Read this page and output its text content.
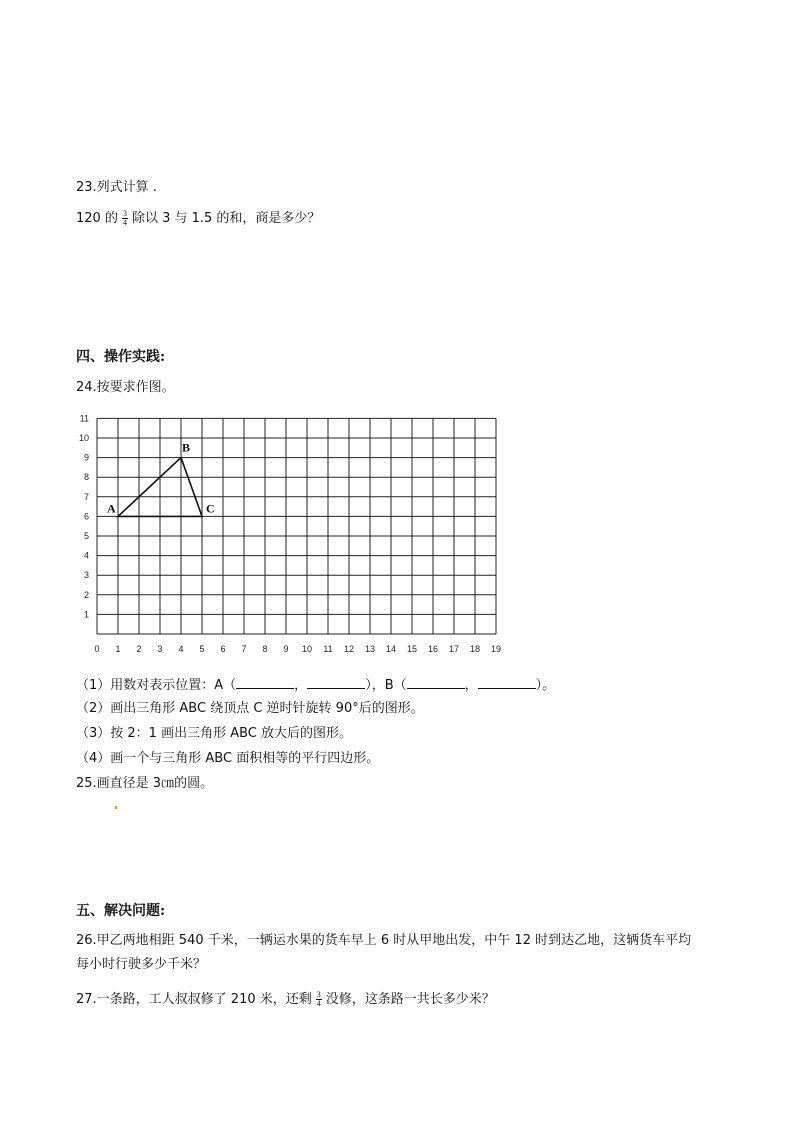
23.列式计算 .
120 的 $\frac{3}{4}$ 除以 3 与 1.5 的和，商是多少？
四、操作实践:
24.按要求作图。
0 1 2 3 4 5 6 7 8 9 10 11 12 13 14 15 16 17 18 19
1
2
3
4
5
6
7
8
9
10
11
A
B
C
（1）用数对表示位置：A（	，	），B（	，	）。
（2）画出三角形 ABC 绕顶点 C 逆时针旋转 90°后的图形。
（3）按 2：1 画出三角形 ABC 放大后的图形。
（4）画一个与三角形 ABC 面积相等的平行四边形。
25.画直径是 3㎝的圆。
五、解决问题:
26.甲乙两地相距 540 千米，一辆运水果的货车早上 6 时从甲地出发，中午 12 时到达乙地，这辆货车平均
每小时行驶多少千米？
27.一条路，工人叔叔修了 210 米，还剩 $\frac{3}{4}$ 没修，这条路一共长多少米？
